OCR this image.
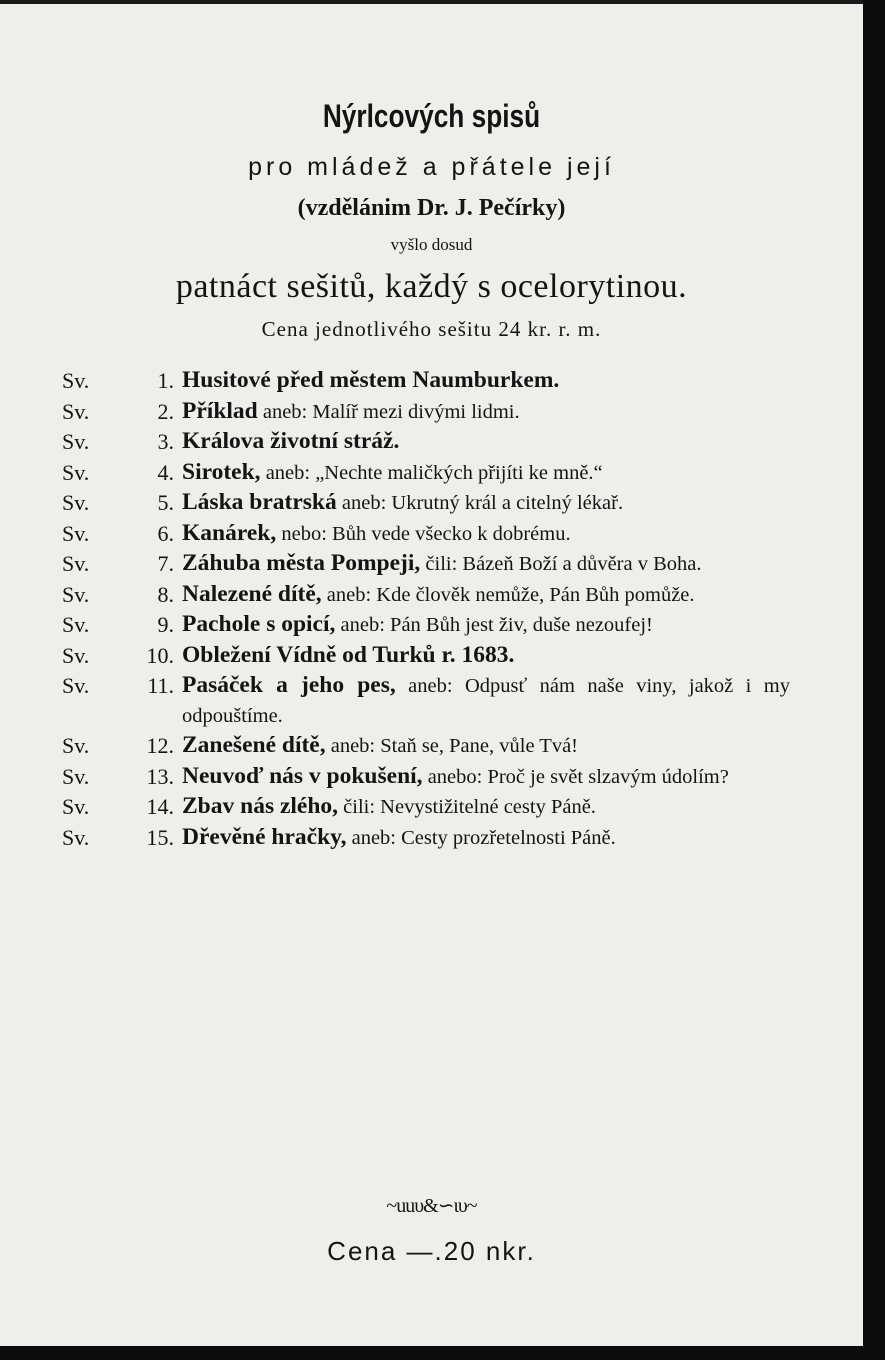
Nýrlcových spisů
pro mládež a přátele její
(vzdělánim Dr. J. Pečírky)
vyšlo dosud
patnáct sešitů, každý s ocelorytinou.
Cena jednotlivého sešitu 24 kr. r. m.
Sv.	1. Husitové před městem Naumburkem.
Sv.	2. Příklad aneb: Malíř mezi divými lidmi.
Sv.	3. Králova životní stráž.
Sv.	4. Sirotek, aneb: „Nechte maličkých přijíti ke mně.“
Sv.	5. Láska bratrská aneb: Ukrutný král a citelný lékař.
Sv.	6. Kanárek, nebo: Bůh vede všecko k dobrému.
Sv.	7. Záhuba města Pompeji, čili: Bázeň Boží a důvěra v Boha.
Sv.	8. Nalezené dítě, aneb: Kde člověk nemůže, Pán Bůh pomůže.
Sv.	9. Pachole s opicí, aneb: Pán Bůh jest živ, duše nezoufej!
Sv.	10. Obležení Vídně od Turků r. 1683.
Sv.	11. Pasáček a jeho pes, aneb: Odpusť nám naše viny, jakož i my odpouštíme.
Sv.	12. Zanešené dítě, aneb: Staň se, Pane, vůle Tvá!
Sv.	13. Neuvoď nás v pokušení, anebo: Proč je svět slzavým údolím?
Sv.	14. Zbav nás zlého, čili: Nevystižitelné cesty Páně.
Sv.	15. Dřevěné hračky, aneb: Cesty prozřetelnosti Páně.
~uuυ&∽ιυ~
Cena —.20 nkr.
